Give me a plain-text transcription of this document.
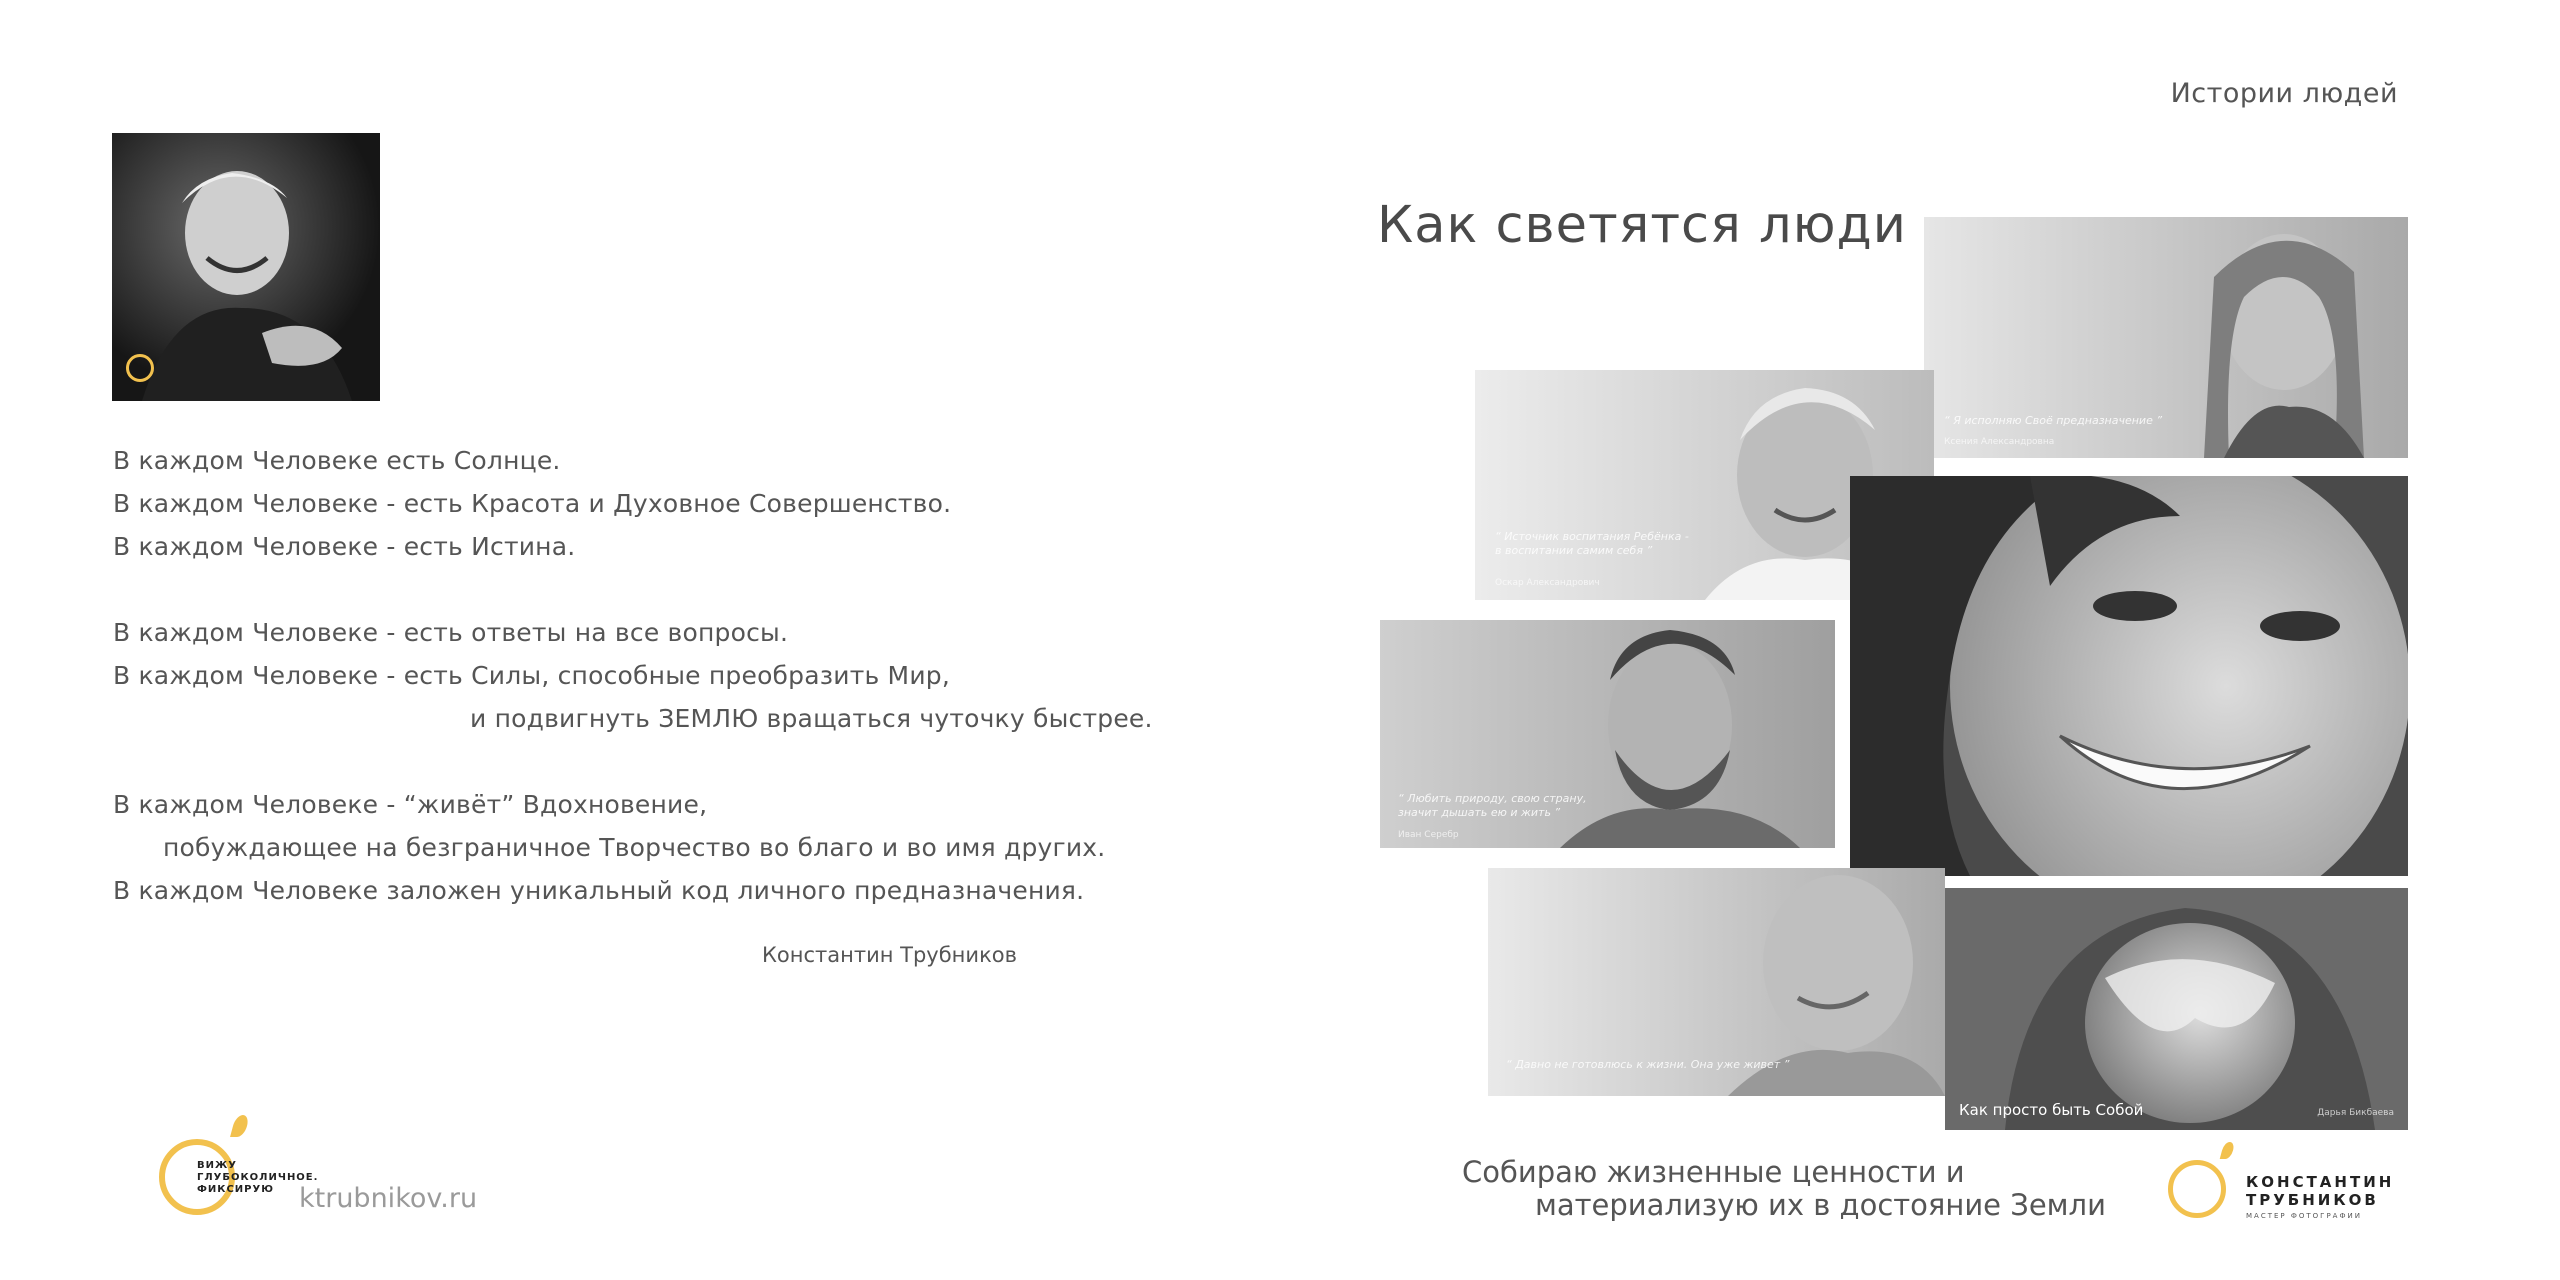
Истории людей
В каждом Человеке есть Солнце.
В каждом Человеке - есть Красота и Духовное Совершенство.
В каждом Человеке - есть Истина.
В каждом Человеке - есть ответы на все вопросы.
В каждом Человеке - есть Силы, способные преобразить Мир,
и подвигнуть ЗЕМЛЮ вращаться чуточку быстрее.
В каждом Человеке - “живёт” Вдохновение,
побуждающее на безграничное Творчество во благо и во имя других.
В каждом Человеке заложен уникальный код личного предназначения.
Константин Трубников
ВИЖУ
ГЛУБОКОЛИЧНОЕ.
ФИКСИРУЮ ktrubnikov.ru
Как светятся люди
“ Я исполняю Своё предназначение ”
Ксения Александровна
“ Источник воспитания Ребёнка - в воспитании самим себя ”
Оскар Александрович
“ Любить природу, свою страну, значит дышать ею и жить ”
Иван Серебр
“ Давно не готовлюсь к жизни. Она уже живет ”
Как просто быть Собой	Дарья Бикбаева
Собираю жизненные ценности и
материализую их в достояние Земли
КОНСТАНТИН
ТРУБНИКОВ
МАСТЕР ФОТОГРАФИИ
